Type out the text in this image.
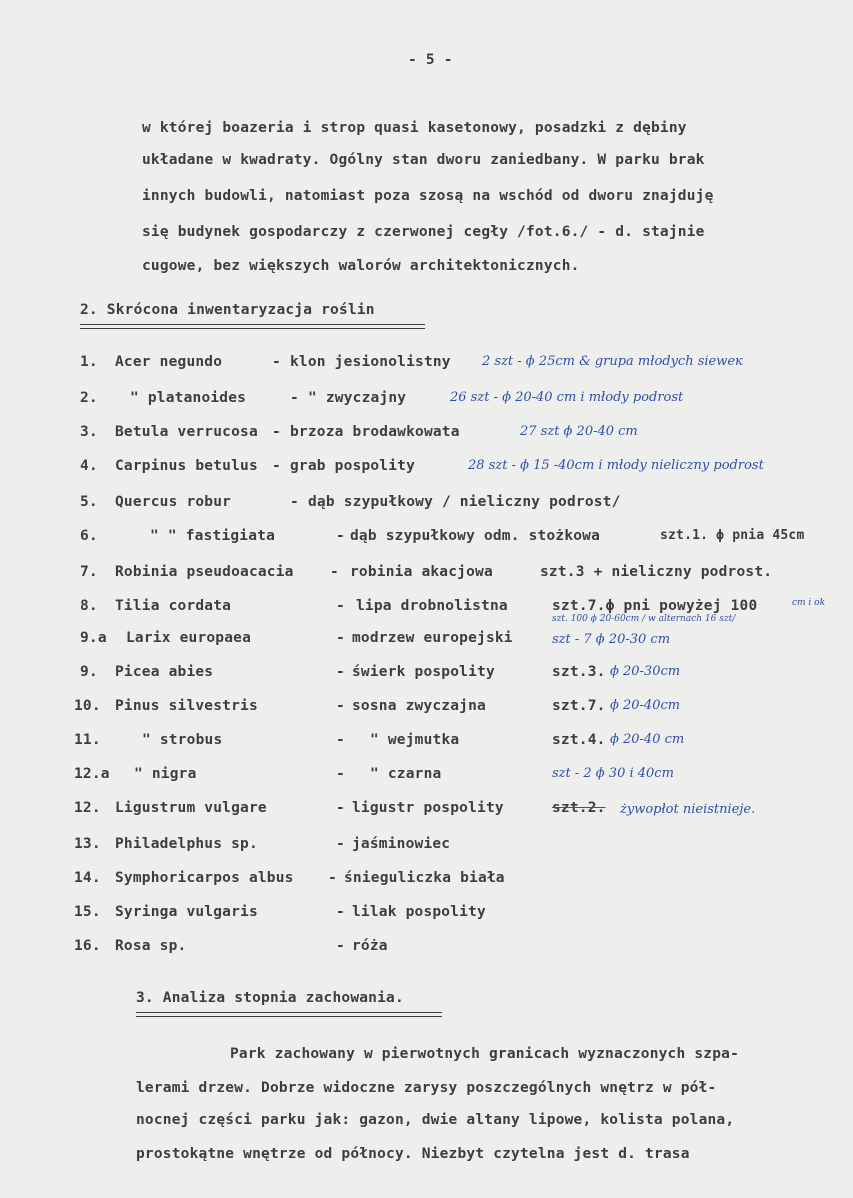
- 5 -
w której boazeria i strop quasi kasetonowy, posadzki z dębiny
układane w kwadraty. Ogólny stan dworu zaniedbany. W parku brak
innych budowli, natomiast poza szosą na wschód od dworu znajduję
się budynek gospodarczy z czerwonej cegły /fot.6./ - d. stajnie
cugowe, bez większych walorów architektonicznych.
2. Skrócona inwentaryzacja roślin
1. Acer negundo	- klon jesionolistny 2 szt - ϕ 25cm & grupa młodych sieweк
2. " platanoides	- " zwyczajny	26 szt - ϕ 20-40 cm i młody podrost
3. Betula verrucosa - brzoza brodawkowata	27 szt ϕ 20-40 cm
4. Carpinus betulus - grab pospolity	28 szt - ϕ 15 -40cm i młody nieliczny podrost
5. Quercus robur	- dąb szypułkowy / nieliczny podrost/
6.	" " fastigiata	- dąb szypułkowy odm. stożkowa	szt.1. ϕ pnia 45cm
7. Robinia pseudoacacia	- robinia akacjowa	szt.3 + nieliczny podrost.
8. Tilia cordata	- lipa drobnolistna	szt.7.ϕ pni powyżej 100	cm i ok
szt. 100 ϕ 20-60cm / w alternach 16 szt/
9.a Larix europaea	- modrzew europejski	szt - 7 ϕ 20-30 cm
9. Picea abies	- świerk pospolity	szt.3. ϕ 20-30cm
10. Pinus silvestris	- sosna zwyczajna	szt.7. ϕ 20-40cm
11.	" strobus	- " wejmutka	szt.4. ϕ 20-40 cm
12.a " nigra	- " czarna	szt - 2 ϕ 30 i 40cm
12. Ligustrum vulgare	- ligustr pospolity	szt.2. żywopłot nieistnieje.
13. Philadelphus sp.	- jaśminowiec
14. Symphoricarpos albus - śnieguliczka biała
15. Syringa vulgaris	- lilak pospolity
16. Rosa sp.	- róża
3. Analiza stopnia zachowania.
Park zachowany w pierwotnych granicach wyznaczonych szpa-
lerami drzew. Dobrze widoczne zarysy poszczególnych wnętrz w pół-
nocnej części parku jak: gazon, dwie altany lipowe, kolista polana,
prostokątne wnętrze od północy. Niezbyt czytelna jest d. trasa
